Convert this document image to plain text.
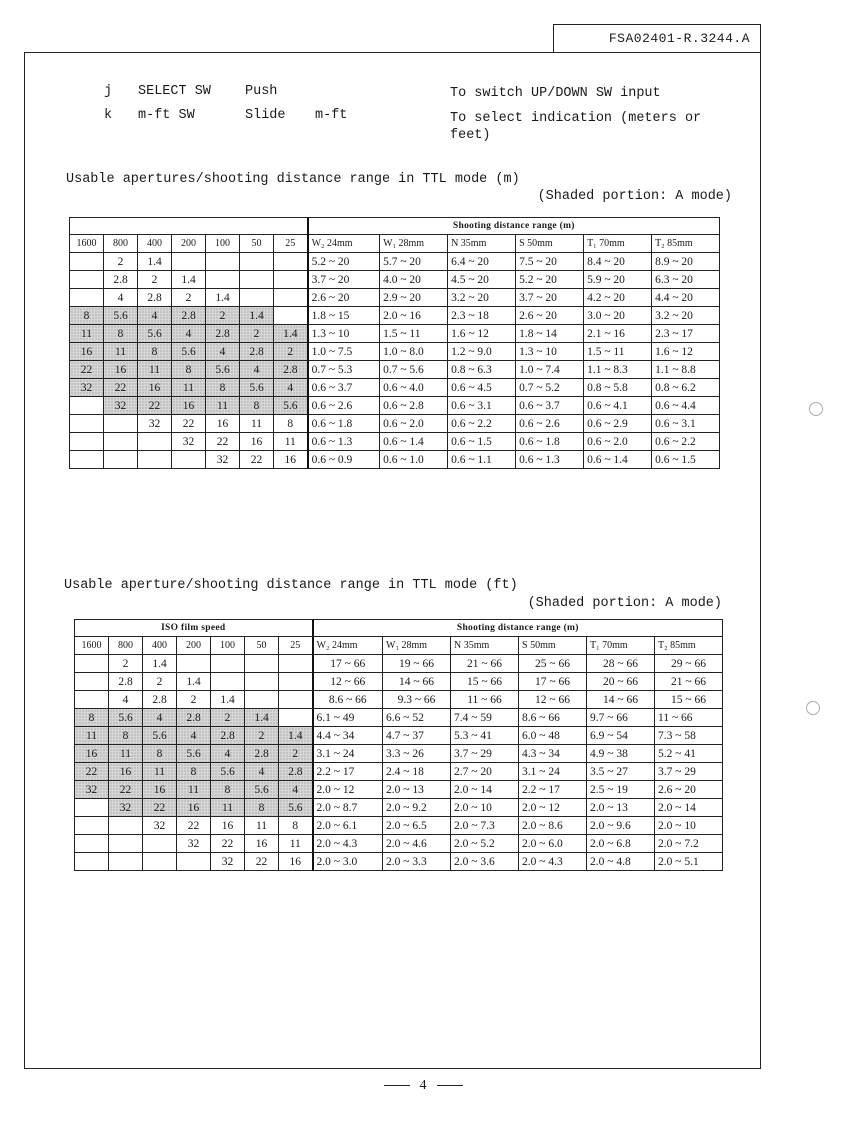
FSA02401-R.3244.A
j SELECT SW	Push	To switch UP/DOWN SW input
k m-ft SW	Slide m-ft	To select indication (meters or feet)
Usable apertures/shooting distance range in TTL mode (m)
(Shaded portion: A mode)
							Shooting distance range (m)					
1600	800	400	200	100	50	25	W₂ 24mm	W₁ 28mm	N 35mm	S 50mm	T₁ 70mm	T₂ 85mm
	2	1.4					5.2 ~ 20	5.7 ~ 20	6.4 ~ 20	7.5 ~ 20	8.4 ~ 20	8.9 ~ 20
	2.8	2	1.4				3.7 ~ 20	4.0 ~ 20	4.5 ~ 20	5.2 ~ 20	5.9 ~ 20	6.3 ~ 20
	4	2.8	2	1.4			2.6 ~ 20	2.9 ~ 20	3.2 ~ 20	3.7 ~ 20	4.2 ~ 20	4.4 ~ 20
8	5.6	4	2.8	2	1.4		1.8 ~ 15	2.0 ~ 16	2.3 ~ 18	2.6 ~ 20	3.0 ~ 20	3.2 ~ 20
11	8	5.6	4	2.8	2	1.4	1.3 ~ 10	1.5 ~ 11	1.6 ~ 12	1.8 ~ 14	2.1 ~ 16	2.3 ~ 17
16	11	8	5.6	4	2.8	2	1.0 ~ 7.5	1.0 ~ 8.0	1.2 ~ 9.0	1.3 ~ 10	1.5 ~ 11	1.6 ~ 12
22	16	11	8	5.6	4	2.8	0.7 ~ 5.3	0.7 ~ 5.6	0.8 ~ 6.3	1.0 ~ 7.4	1.1 ~ 8.3	1.1 ~ 8.8
32	22	16	11	8	5.6	4	0.6 ~ 3.7	0.6 ~ 4.0	0.6 ~ 4.5	0.7 ~ 5.2	0.8 ~ 5.8	0.8 ~ 6.2
	32	22	16	11	8	5.6	0.6 ~ 2.6	0.6 ~ 2.8	0.6 ~ 3.1	0.6 ~ 3.7	0.6 ~ 4.1	0.6 ~ 4.4
		32	22	16	11	8	0.6 ~ 1.8	0.6 ~ 2.0	0.6 ~ 2.2	0.6 ~ 2.6	0.6 ~ 2.9	0.6 ~ 3.1
			32	22	16	11	0.6 ~ 1.3	0.6 ~ 1.4	0.6 ~ 1.5	0.6 ~ 1.8	0.6 ~ 2.0	0.6 ~ 2.2
				32	22	16	0.6 ~ 0.9	0.6 ~ 1.0	0.6 ~ 1.1	0.6 ~ 1.3	0.6 ~ 1.4	0.6 ~ 1.5
Usable aperture/shooting distance range in TTL mode (ft)
(Shaded portion: A mode)
ISO film speed							Shooting distance range (m)					
1600	800	400	200	100	50	25	W₂ 24mm	W₁ 28mm	N 35mm	S 50mm	T₁ 70mm	T₂ 85mm
	2	1.4					17 ~ 66	19 ~ 66	21 ~ 66	25 ~ 66	28 ~ 66	29 ~ 66
	2.8	2	1.4				12 ~ 66	14 ~ 66	15 ~ 66	17 ~ 66	20 ~ 66	21 ~ 66
	4	2.8	2	1.4			8.6 ~ 66	9.3 ~ 66	11 ~ 66	12 ~ 66	14 ~ 66	15 ~ 66
8	5.6	4	2.8	2	1.4		6.1 ~ 49	6.6 ~ 52	7.4 ~ 59	8.6 ~ 66	9.7 ~ 66	11 ~ 66
11	8	5.6	4	2.8	2	1.4	4.4 ~ 34	4.7 ~ 37	5.3 ~ 41	6.0 ~ 48	6.9 ~ 54	7.3 ~ 58
16	11	8	5.6	4	2.8	2	3.1 ~ 24	3.3 ~ 26	3.7 ~ 29	4.3 ~ 34	4.9 ~ 38	5.2 ~ 41
22	16	11	8	5.6	4	2.8	2.2 ~ 17	2.4 ~ 18	2.7 ~ 20	3.1 ~ 24	3.5 ~ 27	3.7 ~ 29
32	22	16	11	8	5.6	4	2.0 ~ 12	2.0 ~ 13	2.0 ~ 14	2.2 ~ 17	2.5 ~ 19	2.6 ~ 20
	32	22	16	11	8	5.6	2.0 ~ 8.7	2.0 ~ 9.2	2.0 ~ 10	2.0 ~ 12	2.0 ~ 13	2.0 ~ 14
		32	22	16	11	8	2.0 ~ 6.1	2.0 ~ 6.5	2.0 ~ 7.3	2.0 ~ 8.6	2.0 ~ 9.6	2.0 ~ 10
			32	22	16	11	2.0 ~ 4.3	2.0 ~ 4.6	2.0 ~ 5.2	2.0 ~ 6.0	2.0 ~ 6.8	2.0 ~ 7.2
				32	22	16	2.0 ~ 3.0	2.0 ~ 3.3	2.0 ~ 3.6	2.0 ~ 4.3	2.0 ~ 4.8	2.0 ~ 5.1
4
